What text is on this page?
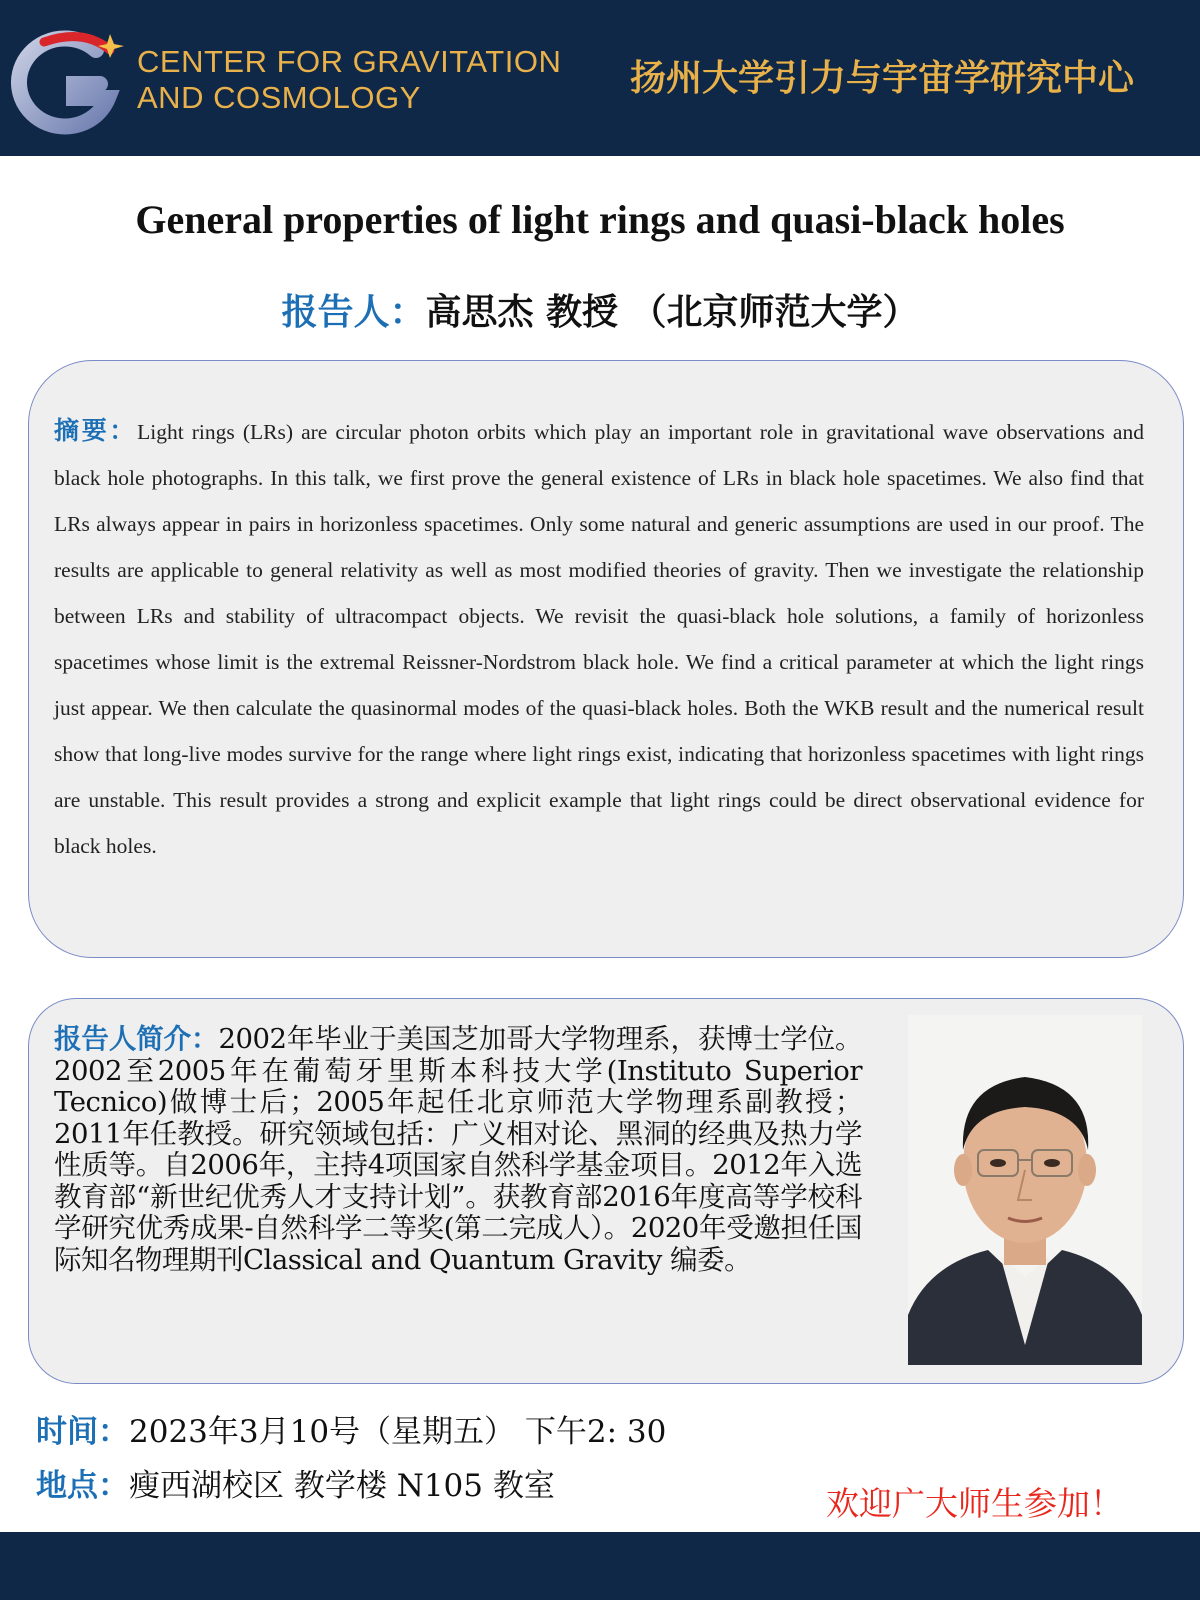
CENTER FOR GRAVITATION
AND COSMOLOGY	扬州大学引力与宇宙学研究中心
General properties of light rings and quasi-black holes
报告人：高思杰 教授 （北京师范大学）
摘要：Light rings (LRs) are circular photon orbits which play an important role in gravitational wave observations and black hole photographs. In this talk, we first prove the general existence of LRs in black hole spacetimes. We also find that LRs always appear in pairs in horizonless spacetimes. Only some natural and generic assumptions are used in our proof. The results are applicable to general relativity as well as most modified theories of gravity. Then we investigate the relationship between LRs and stability of ultracompact objects. We revisit the quasi-black hole solutions, a family of horizonless spacetimes whose limit is the extremal Reissner-Nordstrom black hole. We find a critical parameter at which the light rings just appear. We then calculate the quasinormal modes of the quasi-black holes. Both the WKB result and the numerical result show that long-live modes survive for the range where light rings exist, indicating that horizonless spacetimes with light rings are unstable. This result provides a strong and explicit example that light rings could be direct observational evidence for black holes.
报告人简介：2002年毕业于美国芝加哥大学物理系，获博士学位。2002至2005年在葡萄牙里斯本科技大学(Instituto Superior Tecnico)做博士后；2005年起任北京师范大学物理系副教授；2011年任教授。研究领域包括：广义相对论、黑洞的经典及热力学性质等。自2006年，主持4项国家自然科学基金项目。2012年入选教育部“新世纪优秀人才支持计划”。获教育部2016年度高等学校科学研究优秀成果-自然科学二等奖(第二完成人）。2020年受邀担任国际知名物理期刊Classical and Quantum Gravity 编委。
时间：2023年3月10号（星期五） 下午2: 30
地点：瘦西湖校区 教学楼 N105 教室	欢迎广大师生参加！
